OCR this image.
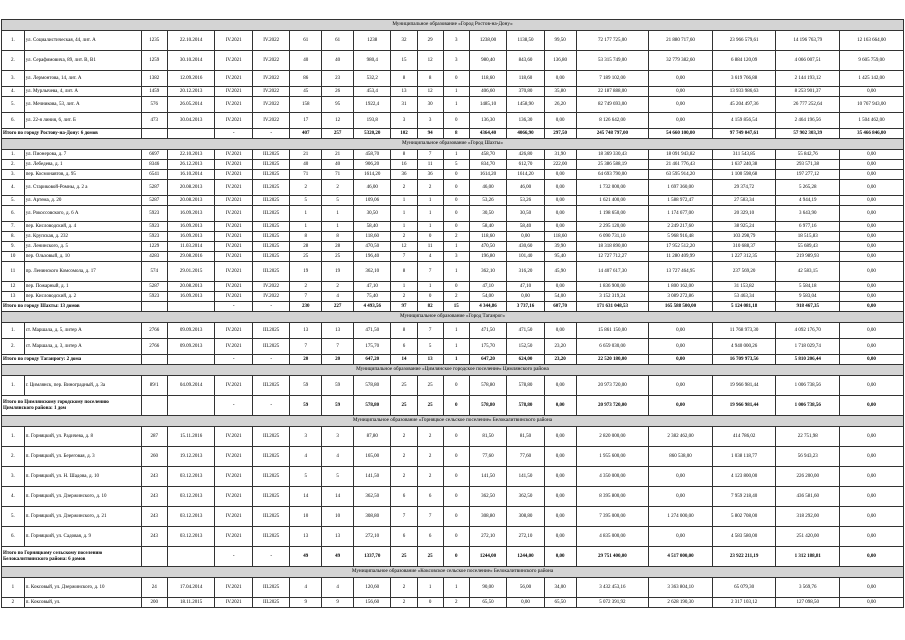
Муниципальное образование «Город Ростов-на-Дону»																			
1.	ул. Социалистическая, 44, лит. А	1235	22.10.2014	IV.2021	IV.2022	61	61	1238	32	29	3	1238,00	1138,50	99,50	72 177 725,00	21 880 717,60	23 966 579,61	14 196 763,79	12 163 664,00
2.	ул. Серафимовича, 89, лит. В, В1	1259	30.10.2014	IV.2021	IV.2022	40	40	980,4	15	12	3	980,40	843,60	136,80	53 315 749,00	32 779 382,60	6 884 120,09	4 066 007,51	9 605 759,00
3.	ул. Лермонтова, 14, лит. А	1382	12.09.2016	IV.2021	IV.2022	86	23	532,2	8	8	0	118,60	118,60	0,00	7 189 102,00	0,00	3 619 766,88	2 144 193,12	1 425 142,00
4.	ул. Мурлычева, 4, лит. А	1459	20.12.2013	IV.2021	IV.2022	45	26	453,4	13	12	1	406,60	370,80	35,80	22 187 888,00	0,00	13 933 986,63	8 253 901,37	0,00
5.	ул. Мечникова, 53, лит. А	576	26.05.2014	IV.2021	IV.2022	158	95	1922,4	31	30	1	1485,10	1458,90	26,20	82 749 693,00	0,00	45 204 497,36	26 777 252,64	10 767 943,00
6.	ул. 22-я линия, 6, лит. Б	473	30.04.2013	IV.2021	IV.2022	17	12	193,8	3	3	0	136,30	136,30	0,00	8 126 642,00	0,00	4 159 856,54	2 464 196,56	1 504 462,00
Итого по городу Ростову-на-Дону: 6 домов				-	-	407	257	5320,20	102	94	8	4364,40	4066,90	297,50	245 748 797,00	54 660 100,00	97 749 047,61	57 902 303,39	35 466 846,00
Муниципальное образование «Город Шахты»																			
1.	ул. Пионерова, д. 7	6697	22.10.2013	IV.2021	III.2025	21	21	458,70	8	7	1	458,70	426,80	31,90	18 369 330,43	18 091 943,82	311 543,85	55 842,76	0,00
2.	ул. Лебедева, д. 1	8346	26.12.2013	IV.2021	III.2025	40	40	906,20	16	11	5	834,70	612,70	222,00	25 386 588,19	21 461 776,43	1 637 240,38	293 571,38	0,00
3.	пер. Космонавтов, д. 95	6541	16.10.2014	IV.2021	III.2025	71	71	1614,20	36	36	0	1614,20	1614,20	0,00	64 693 790,00	63 595 914,20	1 100 598,68	197 277,12	0,00
4.	ул. Стариковой-Ромны, д. 2 а	5287	20.08.2013	IV.2021	III.2025	2	2	46,00	2	2	0	46,00	46,00	0,00	1 732 000,00	1 697 360,00	29 374,72	5 265,28	0,00
5.	ул. Артема, д. 20	5287	20.08.2013	IV.2021	III.2025	5	5	109,06	1	1	0	53,26	53,26	0,00	1 621 400,00	1 588 972,47	27 583,34	4 944,19	0,00
6.	ул. Рокоссовского, д. 6 А	5923	16.09.2013	IV.2021	III.2025	1	1	30,50	1	1	0	30,50	30,50	0,00	1 198 650,00	1 174 677,00	20 329,10	3 643,90	0,00
7.	пер. Кисловодский, д. 4	5923	16.09.2013	IV.2021	III.2025	1	1	58,40	1	1	0	58,40	58,40	0,00	2 295 120,00	2 249 217,60	38 925,24	6 977,16	0,00
8.	ул. Крупская, д. 232	5923	16.09.2013	IV.2021	III.2025	8	8	118,60	2	0	2	118,60	0,00	118,60	6 090 731,10	5 968 916,48	103 298,79	18 515,83	0,00
9.	ул. Ленинского, д. 5	1229	11.03.2014	IV.2021	III.2025	28	28	470,50	12	11	1	470,50	430,60	39,90	18 318 890,00	17 952 512,20	310 688,37	55 689,43	0,00
10	пер. Ольховый, д. 10	4283	29.08.2016	IV.2021	III.2025	25	25	196,40	7	4	3	196,80	101,40	95,40	12 727 712,27	11 280 409,99	1 227 312,35	219 989,93	0,00
11	пр. Ленинского Комсомола, д. 17	574	29.01.2015	IV.2021	III.2025	19	19	362,10	8	7	1	362,10	316,20	45,90	14 407 617,30	13 727 464,95	237 569,20	42 583,15	0,00
12	пер. Пожарный, д. 1	5287	20.08.2013	IV.2021	IV.2022	2	2	47,10	1	1	0	47,10	47,10	0,00	1 836 900,00	1 800 162,00	31 153,82	5 584,18	0,00
13	пер. Кисловодский, д. 2	5923	16.09.2013	IV.2021	IV.2022	7	4	75,40	2	0	2	54,00	0,00	54,00	3 152 319,24	3 089 272,86	53 463,34	9 583,04	0,00
Итого по городу Шахты: 13 домов				-	-	230	227	4 493,56	97	82	15	4 344,86	3 737,16	607,70	171 631 048,53	165 588 500,00	5 124 081,18	918 467,35	0,00
Муниципальное образование «Город Таганрог»																			
1.	ст. Маршала, д. 5, литер А	2766	09.09.2013	IV.2021	III.2025	13	13	471,50	8	7	1	471,50	471,50	0,00	15 861 150,00	0,00	11 768 973,30	4 092 176,70	0,00
2.	ст. Маршала, д. 3, литер А	2766	09.09.2013	IV.2021	III.2025	7	7	175,70	6	5	1	175,70	152,50	23,20	6 659 030,00	0,00	4 940 000,26	1 718 029,74	0,00
Итого по городу Таганрогу: 2 дома				-	-	20	20	647,20	14	13	1	647,20	624,00	23,20	22 520 180,00	0,00	16 709 973,56	5 810 206,44	0,00
Муниципальное образование «Цимлянское городское поселение» Цимлянского района																			
1.	г. Цимлянск, пер. Виноградный, д. 3а	89/1	04.09.2014	IV.2021	III.2025	59	59	578,80	25	25	0	578,80	578,80	0,00	20 973 720,00	0,00	19 966 981,44	1 006 738,56	0,00
Итого по Цимлянскому городскому поселению Цимлянского района: 1 дом				-	-	59	59	578,80	25	25	0	578,80	578,80	0,00	20 973 720,00	0,00	19 966 981,44	1 006 738,56	0,00
Муниципальное образование «Горняцкое сельское поселение» Белокалитвинского района																			
1.	п. Горняцкий, ул. Радичева, д. 8	287	15.11.2016	IV.2021	III.2025	3	3	87,80	2	2	0	81,50	81,50	0,00	2 820 000,00	2 382 462,00	414 786,02	22 751,98	0,00
2.	п. Горняцкий, ул. Береговая, д. 3	260	19.12.2013	IV.2021	III.2025	4	4	165,00	2	2	0	77,60	77,60	0,00	1 955 600,00	860 538,00	1 038 118,77	56 943,23	0,00
3.	п. Горняцкий, ул. Н. Шадова, д. 10	243	03.12.2013	IV.2021	III.2025	5	5	141,50	2	2	0	141,50	141,50	0,00	4 350 000,00	0,00	4 123 800,00	226 200,00	0,00
4.	п. Горняцкий, ул. Дзержинского, д. 10	243	03.12.2013	IV.2021	III.2025	14	14	362,50	6	6	0	362,50	362,50	0,00	8 395 800,00	0,00	7 959 218,40	436 581,60	0,00
5.	п. Горняцкий, ул. Дзержинского, д. 21	243	03.12.2013	IV.2021	III.2025	10	10	308,80	7	7	0	308,80	308,80	0,00	7 395 000,00	1 274 000,00	5 802 708,00	318 292,00	0,00
6.	п. Горняцкий, ул. Садовая, д. 9	243	03.12.2013	IV.2021	III.2025	13	13	272,10	6	6	0	272,10	272,10	0,00	4 835 000,00	0,00	4 583 580,00	251 420,00	0,00
Итого по Горняцкому сельскому поселению Белокалитвинского района: 6 домов				-	-	49	49	1337,70	25	25	0	1244,00	1244,00	0,00	29 751 400,00	4 517 000,00	23 922 211,19	1 312 188,81	0,00
Муниципальное образование «Коксовское сельское поселение» Белокалитвинского района																			
1	п. Коксовый, ул. Дзержинского, д. 10	24	17.04.2014	IV.2021	III.2025	4	4	120,60	2	1	1	90,00	56,00	34,00	3 432 453,16	3 363 804,10	65 079,30	3 569,76	0,00
2	п. Коксовый, ул.	200	18.11.2015	IV.2021	III.2025	9	9	156,60	2	0	2	65,50	0,00	65,50	5 072 391,92	2 628 190,30	2 317 103,12	127 098,50	0,00
